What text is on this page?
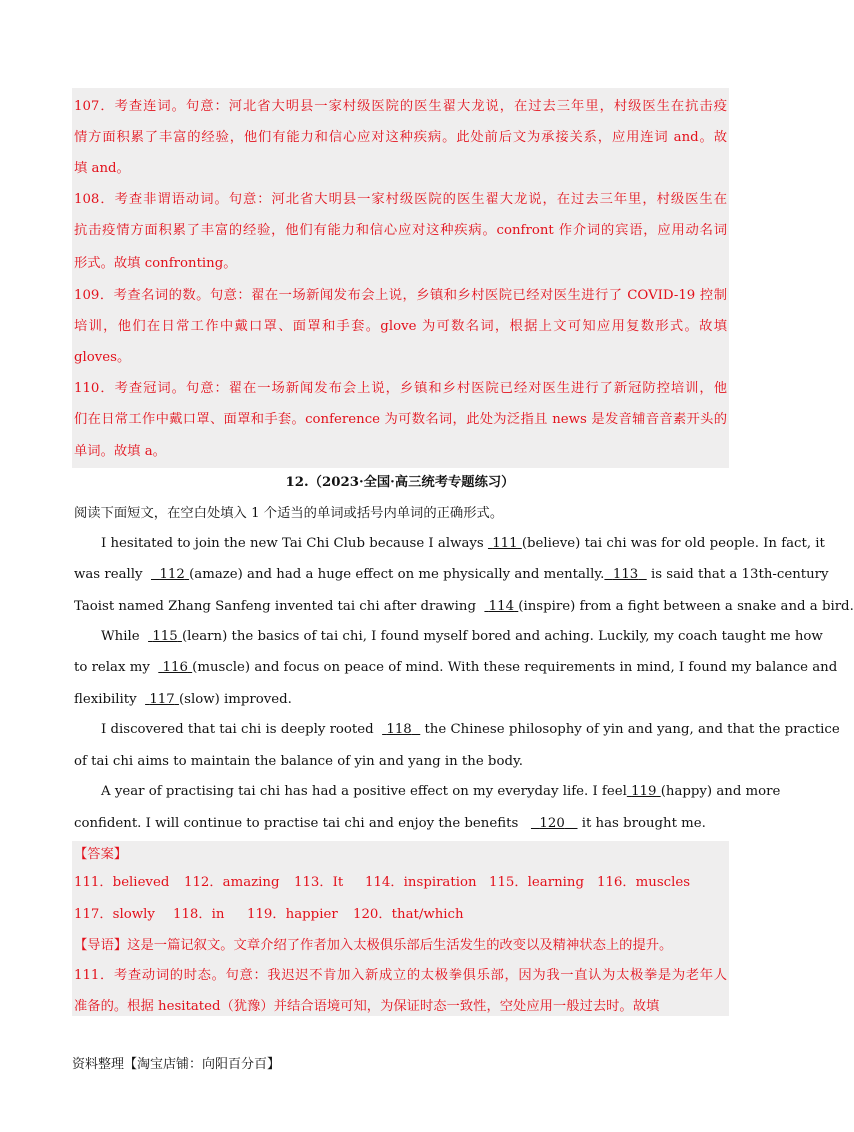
107．考查连词。句意：河北省大明县一家村级医院的医生翟大龙说，在过去三年里，村级医生在抗击疫
情方面积累了丰富的经验，他们有能力和信心应对这种疾病。此处前后文为承接关系，应用连词 and。故
填 and。
108．考查非谓语动词。句意：河北省大明县一家村级医院的医生翟大龙说，在过去三年里，村级医生在
抗击疫情方面积累了丰富的经验，他们有能力和信心应对这种疾病。confront 作介词的宾语，应用动名词
形式。故填 confronting。
109．考查名词的数。句意：翟在一场新闻发布会上说，乡镇和乡村医院已经对医生进行了 COVID-19 控制
培训，他们在日常工作中戴口罩、面罩和手套。glove 为可数名词，根据上文可知应用复数形式。故填
gloves。
110．考查冠词。句意：翟在一场新闻发布会上说，乡镇和乡村医院已经对医生进行了新冠防控培训，他
们在日常工作中戴口罩、面罩和手套。conference 为可数名词，此处为泛指且 news 是发音辅音音素开头的
单词。故填 a。
12.（2023·全国·高三统考专题练习）
阅读下面短文，在空白处填入 1 个适当的单词或括号内单词的正确形式。
I hesitated to join the new Tai Chi Club because I always 111 (believe) tai chi was for old people. In fact, it
was really 112 (amaze) and had a huge effect on me physically and mentally. 113 is said that a 13th-century
Taoist named Zhang Sanfeng invented tai chi after drawing 114 (inspire) from a fight between a snake and a bird.
While 115 (learn) the basics of tai chi, I found myself bored and aching. Luckily, my coach taught me how
to relax my 116 (muscle) and focus on peace of mind. With these requirements in mind, I found my balance and
flexibility 117 (slow) improved.
I discovered that tai chi is deeply rooted 118 the Chinese philosophy of yin and yang, and that the practice
of tai chi aims to maintain the balance of yin and yang in the body.
A year of practising tai chi has had a positive effect on my everyday life. I feel 119 (happy) and more
confident. I will continue to practise tai chi and enjoy the benefits 120 it has brought me.
【答案】
111．believed 112．amazing 113．It 114．inspiration 115．learning 116．muscles
117．slowly 118．in 119．happier 120．that/which
【导语】这是一篇记叙文。文章介绍了作者加入太极俱乐部后生活发生的改变以及精神状态上的提升。
111．考查动词的时态。句意：我迟迟不肯加入新成立的太极拳俱乐部，因为我一直认为太极拳是为老年人
准备的。根据 hesitated（犹豫）并结合语境可知，为保证时态一致性，空处应用一般过去时。故填
资料整理【淘宝店铺：向阳百分百】
